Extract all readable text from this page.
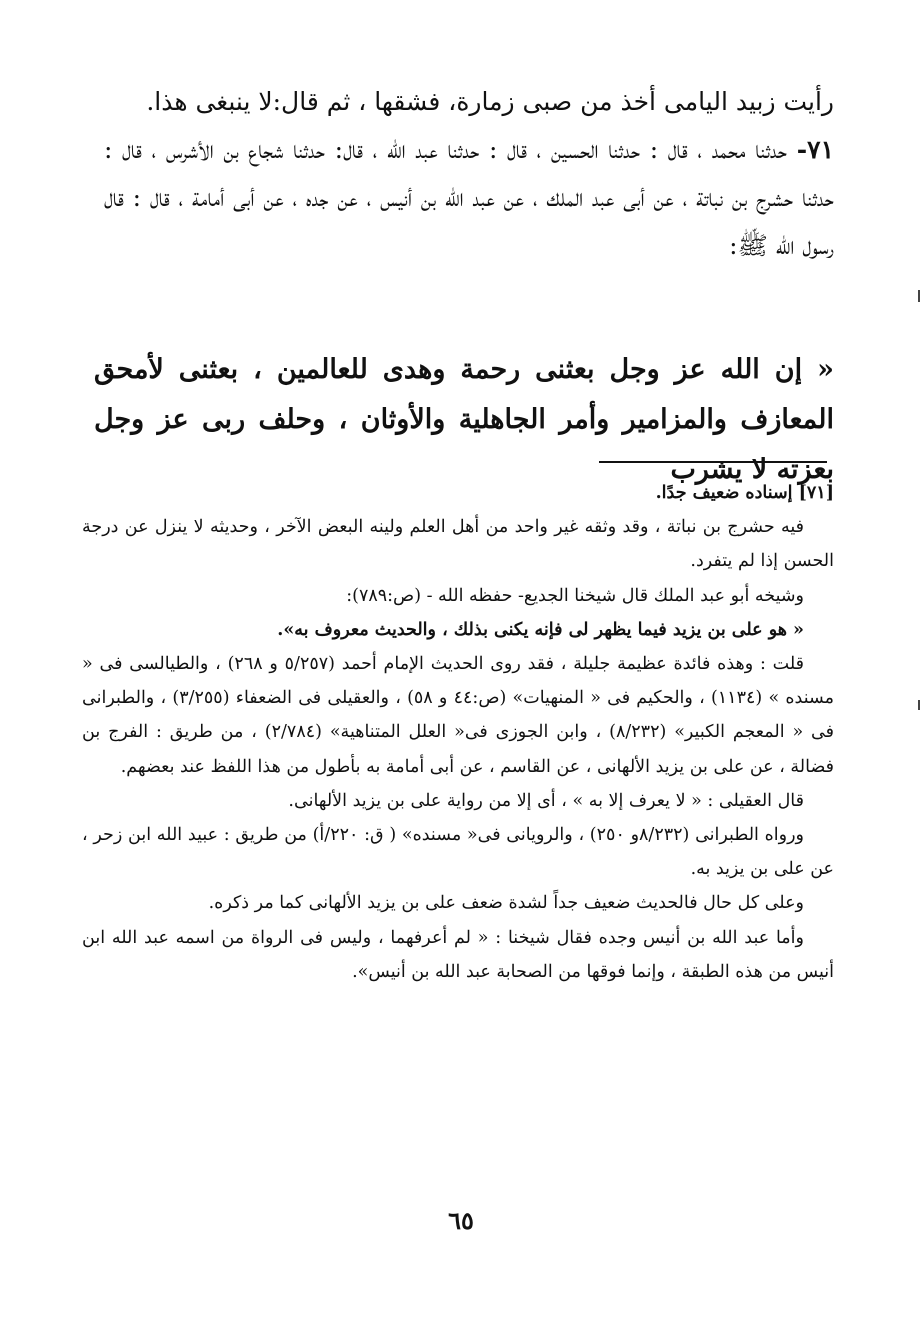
رأيت زبيد اليامى أخذ من صبى زمارة، فشقها ، ثم قال:لا ينبغى هذا.

٧١- حدثنا محمد ، قال : حدثنا الحسين ، قال : حدثنا عبد الله ، قال: حدثنا شجاع بن الأشرس ، قال : حدثنا حشرج بن نباتة ، عن أبى عبد الملك ، عن عبد الله بن أنيس ، عن جده ، عن أبى أمامة ، قال : قال رسول الله ﷺ:

« إن الله عز وجل بعثنى رحمة وهدى للعالمين ، بعثنى لأمحق المعازف والمزامير وأمر الجاهلية والأوثان ، وحلف ربى عز وجل بعزته لا يشرب

[٧١] إسناده ضعيف جدًا.

فيه حشرج بن نباتة ، وقد وثقه غير واحد من أهل العلم ولينه البعض الآخر ، وحديثه لا ينزل عن درجة الحسن إذا لم يتفرد.

وشيخه أبو عبد الملك قال شيخنا الجديع- حفظه الله - (ص:٧٨٩):

« هو على بن يزيد فيما يظهر لى فإنه يكنى بذلك ، والحديث معروف به».

قلت : وهذه فائدة عظيمة جليلة ، فقد روى الحديث الإمام أحمد (٥/٢٥٧ و ٢٦٨) ، والطيالسى فى « مسنده » (١١٣٤) ، والحكيم فى « المنهيات» (ص:٤٤ و ٥٨) ، والعقيلى فى الضعفاء (٣/٢٥٥) ، والطبرانى فى « المعجم الكبير» (٨/٢٣٢) ، وابن الجوزى فى« العلل المتناهية» (٢/٧٨٤) ، من طريق : الفرج بن فضالة ، عن على بن يزيد الألهانى ، عن القاسم ، عن أبى أمامة به بأطول من هذا اللفظ عند بعضهم.

قال العقيلى : « لا يعرف إلا به » ، أى إلا من رواية على بن يزيد الألهانى.

ورواه الطبرانى (٨/٢٣٢و ٢٥٠) ، والرويانى فى« مسنده» ( ق: ٢٢٠/أ) من طريق : عبيد الله ابن زحر ، عن على بن يزيد به.

وعلى كل حال فالحديث ضعيف جداً لشدة ضعف على بن يزيد الألهانى كما مر ذكره.

وأما عبد الله بن أنيس وجده فقال شيخنا : « لم أعرفهما ، وليس فى الرواة من اسمه عبد الله ابن أنيس من هذه الطبقة ، وإنما فوقها من الصحابة عبد الله بن أنيس».

٦٥
